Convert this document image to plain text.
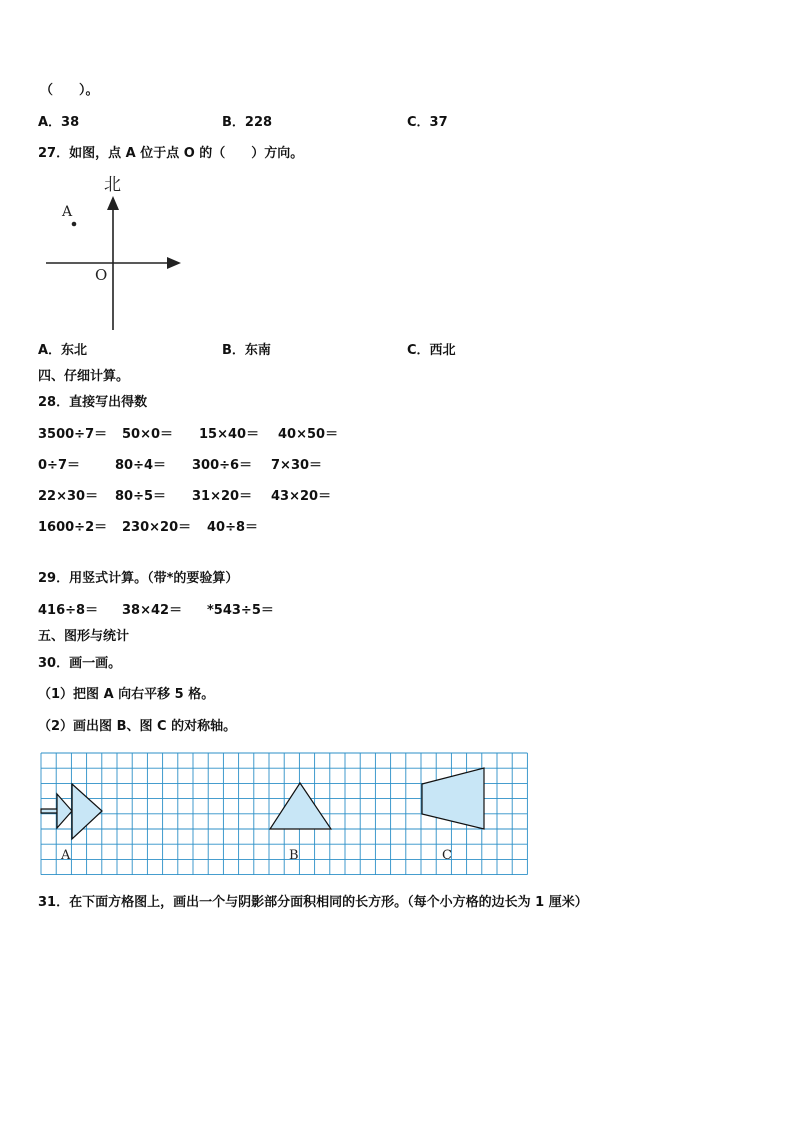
（　　）。
A．38	B．228	C．37
27．如图，点 A 位于点 O 的（　　）方向。
北
A
O
A．东北	B．东南	C．西北
四、仔细计算。
28．直接写出得数
3500÷7＝ 50×0＝ 15×40＝ 40×50＝
0÷7＝	80÷4＝ 300÷6＝ 7×30＝
22×30＝ 80÷5＝ 31×20＝ 43×20＝
1600÷2＝ 230×20＝ 40÷8＝
29．用竖式计算。（带*的要验算）
416÷8＝ 38×42＝ *543÷5＝
五、图形与统计
30．画一画。
（1）把图 A 向右平移 5 格。
（2）画出图 B、图 C 的对称轴。
A	B	C
31．在下面方格图上，画出一个与阴影部分面积相同的长方形。（每个小方格的边长为 1 厘米）
